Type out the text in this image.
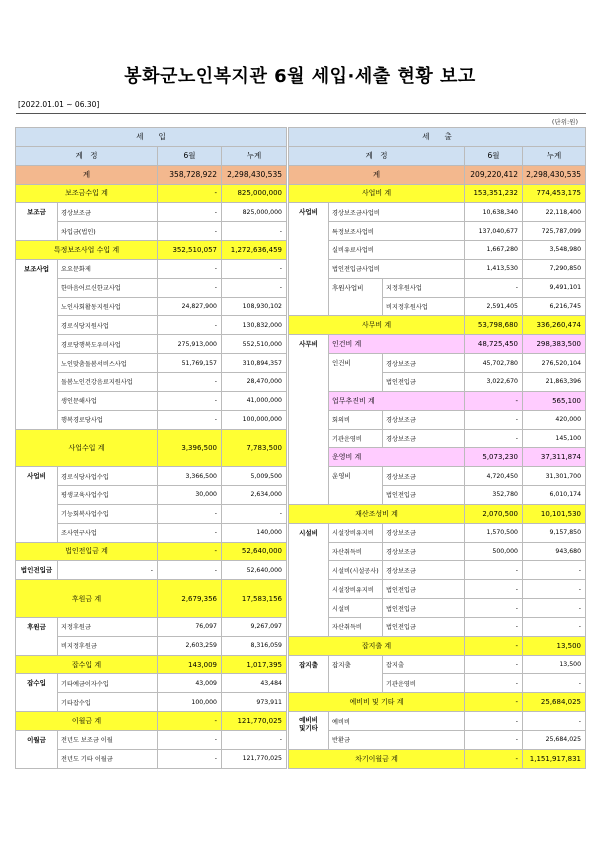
봉화군노인복지관 6월 세입·세출 현황 보고
[2022.01.01 ~ 06.30]
(단위:원)
세　　입			
계　정		6월	누계
계		358,728,922	2,298,430,535
보조금수입 계		-	825,000,000
보조금	경상보조금	-	825,000,000
	차입금(법인)	-	-
특정보조사업 수입 계		352,510,057	1,272,636,459
보조사업	요요문화제	-	-
	한마음어르신한교사업	-	-
	노인사회활동지원사업	24,827,900	108,930,102
	경로식당지원사업	-	130,832,000
	경로당행복도우미사업	275,913,000	552,510,000
	노인맞춤돌봄서비스사업	51,769,157	310,894,357
	돌봄노인건강음료지원사업	-	28,470,000
	생인문해사업	-	41,000,000
	행복경로당사업	-	100,000,000
사업수입 계		3,396,500	7,783,500
사업비	경로식당사업수입	3,366,500	5,009,500
	평생교육사업수입	30,000	2,634,000
	기능회복사업수입	-	-
	조사연구사업	-	140,000
법인전입금 계		-	52,640,000
법인전입금	-	-	52,640,000
후원금 계		2,679,356	17,583,156
후원금	지정후원금	76,097	9,267,097
	비지정후원금	2,603,259	8,316,059
잡수입 계		143,009	1,017,395
잡수입	기타예금이자수입	43,009	43,484
	기타잡수입	100,000	973,911
이월금 계		-	121,770,025
이월금	전년도 보조금 이월	-	-
	전년도 기타 이월금	-	121,770,025
세　　출				
계　정			6월	누계
계			209,220,412	2,298,430,535
사업비 계			153,351,232	774,453,175
사업비	경상보조금사업비		10,638,340	22,118,400
	특정보조사업비		137,040,677	725,787,099
	실비유료사업비		1,667,280	3,548,980
	법인전입금사업비		1,413,530	7,290,850
	후원사업비	지정후원사업	-	9,491,101
		비지정후원사업	2,591,405	6,216,745
사무비 계			53,798,680	336,260,474
사무비	인건비 계		48,725,450	298,383,500
	인건비	경상보조금	45,702,780	276,520,104
		법인전입금	3,022,670	21,863,396
	업무추진비 계		-	565,100
	회의비	경상보조금	-	420,000
	기관운영비	경상보조금	-	145,100
	운영비 계		5,073,230	37,311,874
	운영비	경상보조금	4,720,450	31,301,700
		법인전입금	352,780	6,010,174
재산조성비 계			2,070,500	10,101,530
시설비	시설장비유지비	경상보조금	1,570,500	9,157,850
	자산취득비	경상보조금	500,000	943,680
	시설비(시설공사)	경상보조금	-	-
	시설장비유지비	법인전입금	-	-
	시설비	법인전입금	-	-
	자산취득비	법인전입금	-	-
잡지출 계			-	13,500
잡지출	잡지출	잡지출	-	13,500
		기관운영비	-	-
예비비 및 기타 계			-	25,684,025
예비비
및기타	예비비		-	-
	반환금		-	25,684,025
차기이월금 계			-	1,151,917,831
